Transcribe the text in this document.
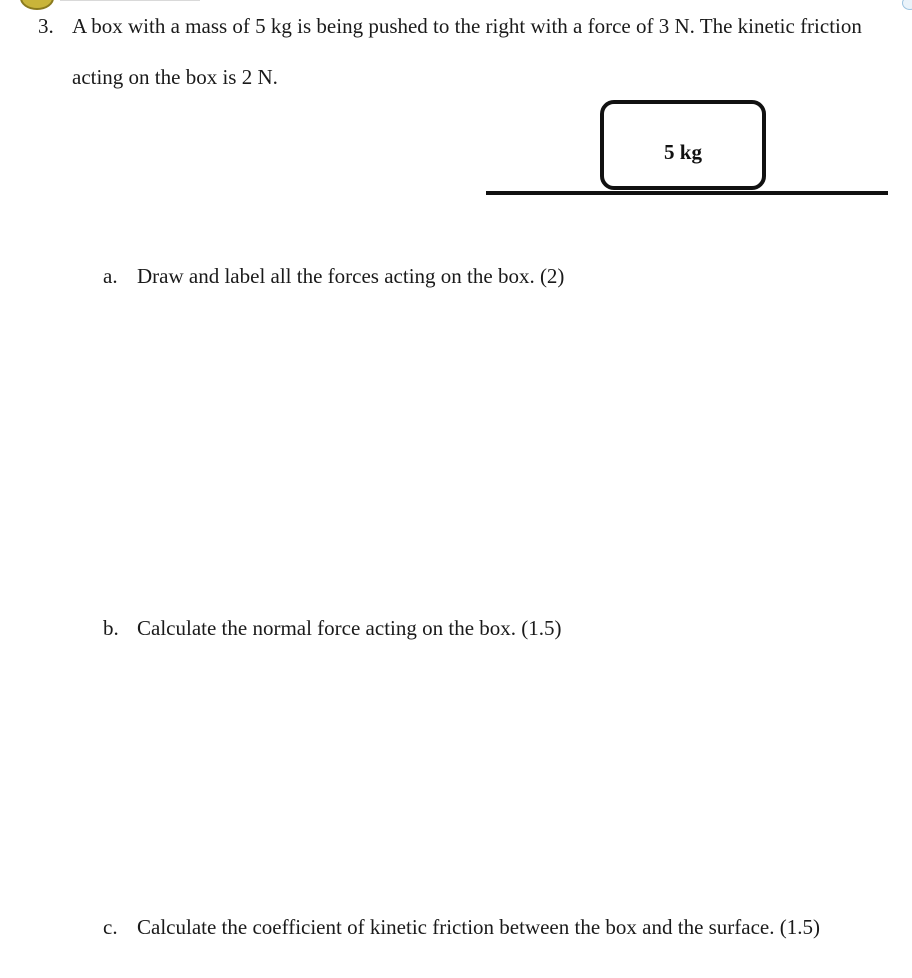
3. A box with a mass of 5 kg is being pushed to the right with a force of 3 N. The kinetic friction
acting on the box is 2 N.
5 kg
a. Draw and label all the forces acting on the box. (2)
b. Calculate the normal force acting on the box. (1.5)
c. Calculate the coefficient of kinetic friction between the box and the surface. (1.5)
